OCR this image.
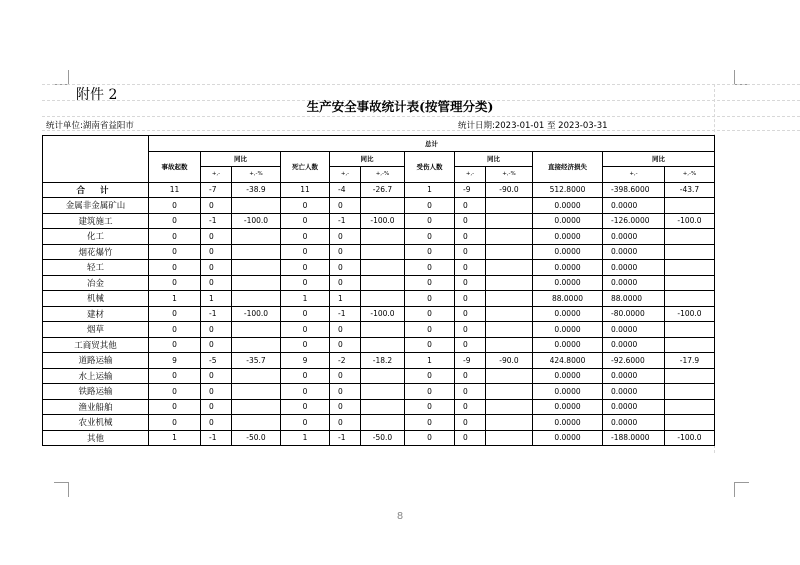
附件 2
生产安全事故统计表(按管理分类)
统计单位:湖南省益阳市	统计日期:2023-01-01 至 2023-03-31
	总计											
	事故起数	同比		死亡人数	同比		受伤人数	同比		直接经济损失	同比	
		+,-	+,-%		+,-	+,-%		+,-	+,-%		+,-	+,-%
合 计	11	-7	-38.9	11	-4	-26.7	1	-9	-90.0	512.8000	-398.6000	-43.7
金属非金属矿山	0	0		0	0		0	0		0.0000	0.0000	
建筑施工	0	-1	-100.0	0	-1	-100.0	0	0		0.0000	-126.0000	-100.0
化工	0	0		0	0		0	0		0.0000	0.0000	
烟花爆竹	0	0		0	0		0	0		0.0000	0.0000	
轻工	0	0		0	0		0	0		0.0000	0.0000	
冶金	0	0		0	0		0	0		0.0000	0.0000	
机械	1	1		1	1		0	0		88.0000	88.0000	
建材	0	-1	-100.0	0	-1	-100.0	0	0		0.0000	-80.0000	-100.0
烟草	0	0		0	0		0	0		0.0000	0.0000	
工商贸其他	0	0		0	0		0	0		0.0000	0.0000	
道路运输	9	-5	-35.7	9	-2	-18.2	1	-9	-90.0	424.8000	-92.6000	-17.9
水上运输	0	0		0	0		0	0		0.0000	0.0000	
铁路运输	0	0		0	0		0	0		0.0000	0.0000	
渔业船舶	0	0		0	0		0	0		0.0000	0.0000	
农业机械	0	0		0	0		0	0		0.0000	0.0000	
其他	1	-1	-50.0	1	-1	-50.0	0	0		0.0000	-188.0000	-100.0
8
